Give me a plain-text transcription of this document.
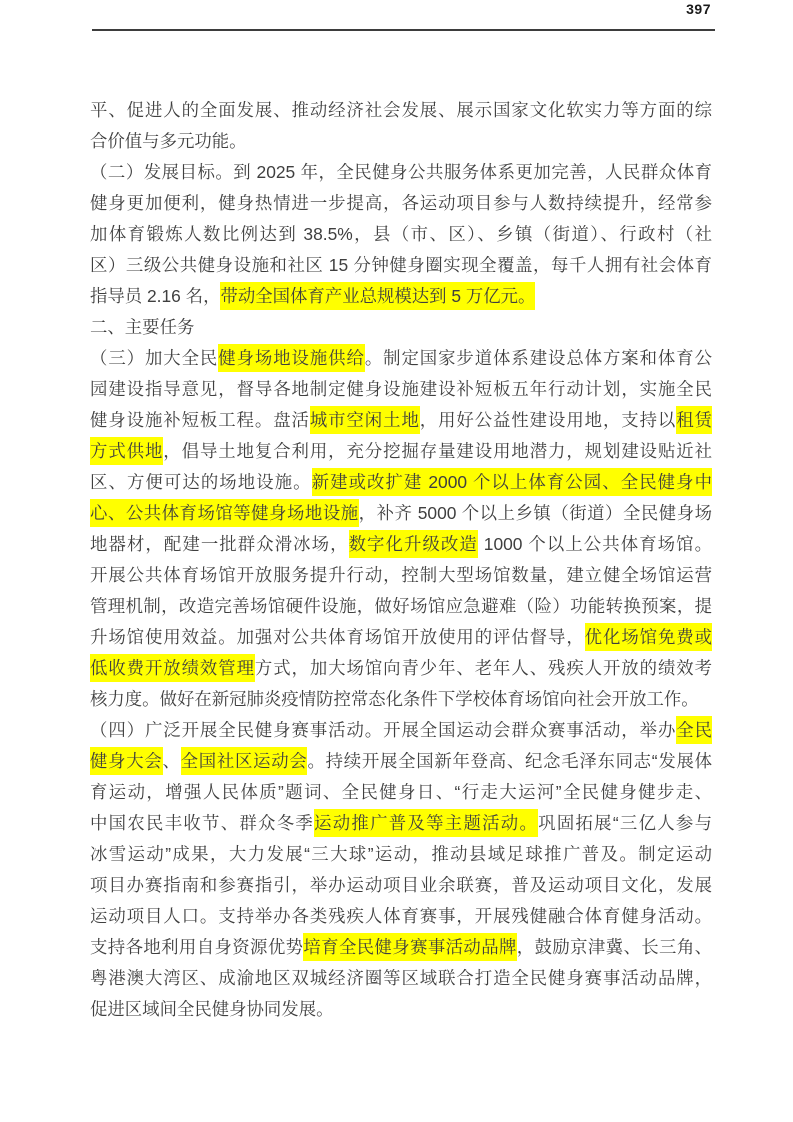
397
平、促进人的全面发展、推动经济社会发展、展示国家文化软实力等方面的综
合价值与多元功能。
（二）发展目标。到 2025 年，全民健身公共服务体系更加完善，人民群众体育
健身更加便利，健身热情进一步提高，各运动项目参与人数持续提升，经常参
加体育锻炼人数比例达到 38.5%，县（市、区）、乡镇（街道）、行政村（社
区）三级公共健身设施和社区 15 分钟健身圈实现全覆盖，每千人拥有社会体育
指导员 2.16 名，带动全国体育产业总规模达到 5 万亿元。
二、主要任务
（三）加大全民健身场地设施供给。制定国家步道体系建设总体方案和体育公
园建设指导意见，督导各地制定健身设施建设补短板五年行动计划，实施全民
健身设施补短板工程。盘活城市空闲土地，用好公益性建设用地，支持以租赁
方式供地，倡导土地复合利用，充分挖掘存量建设用地潜力，规划建设贴近社
区、方便可达的场地设施。新建或改扩建 2000 个以上体育公园、全民健身中
心、公共体育场馆等健身场地设施，补齐 5000 个以上乡镇（街道）全民健身场
地器材，配建一批群众滑冰场，数字化升级改造 1000 个以上公共体育场馆。
开展公共体育场馆开放服务提升行动，控制大型场馆数量，建立健全场馆运营
管理机制，改造完善场馆硬件设施，做好场馆应急避难（险）功能转换预案，提
升场馆使用效益。加强对公共体育场馆开放使用的评估督导，优化场馆免费或
低收费开放绩效管理方式，加大场馆向青少年、老年人、残疾人开放的绩效考
核力度。做好在新冠肺炎疫情防控常态化条件下学校体育场馆向社会开放工作。
（四）广泛开展全民健身赛事活动。开展全国运动会群众赛事活动，举办全民
健身大会、全国社区运动会。持续开展全国新年登高、纪念毛泽东同志“发展体
育运动，增强人民体质”题词、全民健身日、“行走大运河”全民健身健步走、
中国农民丰收节、群众冬季运动推广普及等主题活动。巩固拓展“三亿人参与
冰雪运动”成果，大力发展“三大球”运动，推动县域足球推广普及。制定运动
项目办赛指南和参赛指引，举办运动项目业余联赛，普及运动项目文化，发展
运动项目人口。支持举办各类残疾人体育赛事，开展残健融合体育健身活动。
支持各地利用自身资源优势培育全民健身赛事活动品牌，鼓励京津冀、长三角、
粤港澳大湾区、成渝地区双城经济圈等区域联合打造全民健身赛事活动品牌，
促进区域间全民健身协同发展。
